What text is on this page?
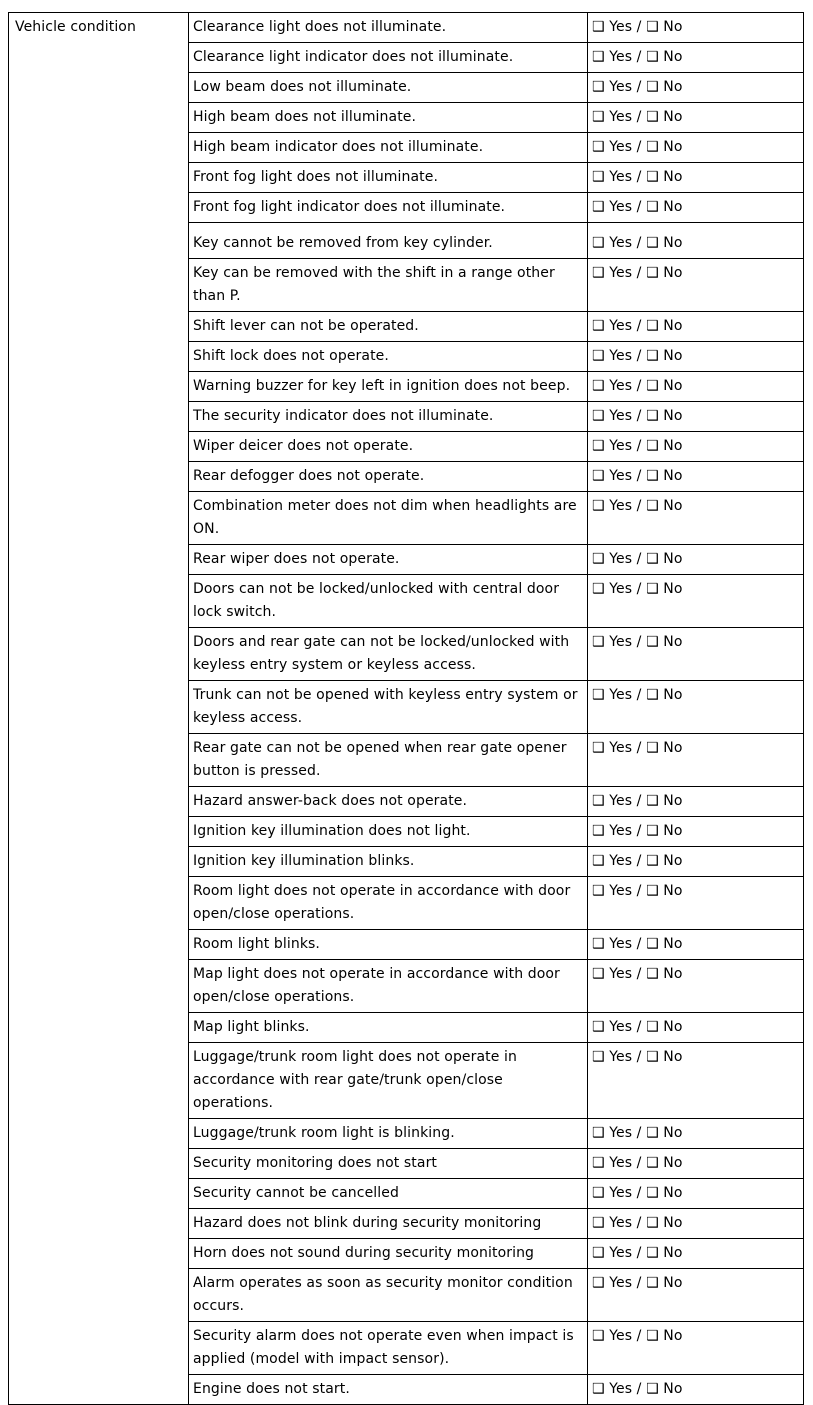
Vehicle condition	Clearance light does not illuminate.	❑ Yes / ❑ No
	Clearance light indicator does not illuminate.	❑ Yes / ❑ No
	Low beam does not illuminate.	❑ Yes / ❑ No
	High beam does not illuminate.	❑ Yes / ❑ No
	High beam indicator does not illuminate.	❑ Yes / ❑ No
	Front fog light does not illuminate.	❑ Yes / ❑ No
	Front fog light indicator does not illuminate.	❑ Yes / ❑ No
	Key cannot be removed from key cylinder.	❑ Yes / ❑ No
	Key can be removed with the shift in a range other than P.	❑ Yes / ❑ No
	Shift lever can not be operated.	❑ Yes / ❑ No
	Shift lock does not operate.	❑ Yes / ❑ No
	Warning buzzer for key left in ignition does not beep.	❑ Yes / ❑ No
	The security indicator does not illuminate.	❑ Yes / ❑ No
	Wiper deicer does not operate.	❑ Yes / ❑ No
	Rear defogger does not operate.	❑ Yes / ❑ No
	Combination meter does not dim when headlights are ON.	❑ Yes / ❑ No
	Rear wiper does not operate.	❑ Yes / ❑ No
	Doors can not be locked/unlocked with central door lock switch.	❑ Yes / ❑ No
	Doors and rear gate can not be locked/unlocked with keyless entry system or keyless access.	❑ Yes / ❑ No
	Trunk can not be opened with keyless entry system or keyless access.	❑ Yes / ❑ No
	Rear gate can not be opened when rear gate opener button is pressed.	❑ Yes / ❑ No
	Hazard answer-back does not operate.	❑ Yes / ❑ No
	Ignition key illumination does not light.	❑ Yes / ❑ No
	Ignition key illumination blinks.	❑ Yes / ❑ No
	Room light does not operate in accordance with door open/close operations.	❑ Yes / ❑ No
	Room light blinks.	❑ Yes / ❑ No
	Map light does not operate in accordance with door open/close operations.	❑ Yes / ❑ No
	Map light blinks.	❑ Yes / ❑ No
	Luggage/trunk room light does not operate in accordance with rear gate/trunk open/close operations.	❑ Yes / ❑ No
	Luggage/trunk room light is blinking.	❑ Yes / ❑ No
	Security monitoring does not start	❑ Yes / ❑ No
	Security cannot be cancelled	❑ Yes / ❑ No
	Hazard does not blink during security monitoring	❑ Yes / ❑ No
	Horn does not sound during security monitoring	❑ Yes / ❑ No
	Alarm operates as soon as security monitor condition occurs.	❑ Yes / ❑ No
	Security alarm does not operate even when impact is applied (model with impact sensor).	❑ Yes / ❑ No
	Engine does not start.	❑ Yes / ❑ No
